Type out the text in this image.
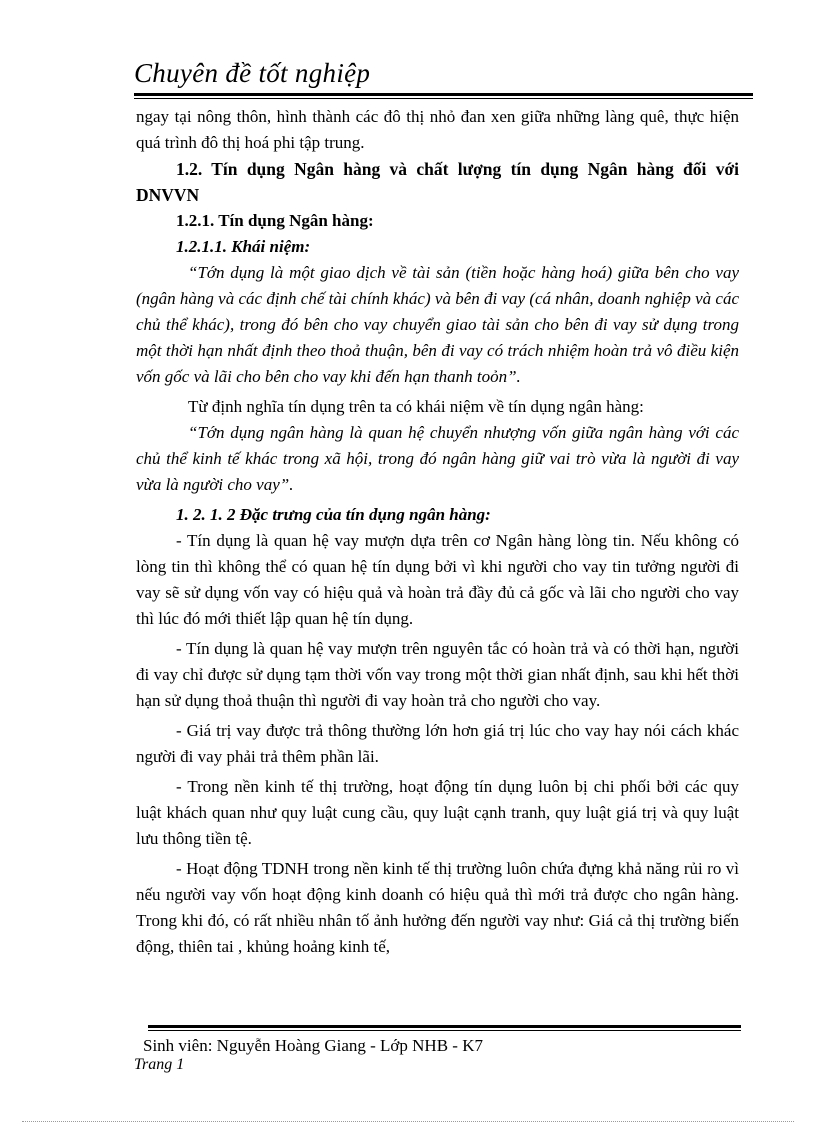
Chuyên đề tốt nghiệp

ngay tại nông thôn, hình thành các đô thị nhỏ đan xen giữa những làng quê, thực hiện quá trình đô thị hoá phi tập trung.

1.2. Tín dụng Ngân hàng và chất lượng tín dụng Ngân hàng đối với DNVVN

1.2.1. Tín dụng Ngân hàng:

1.2.1.1. Khái niệm:

“Tớn dụng là một giao dịch về tài sản (tiền hoặc hàng hoá) giữa bên cho vay (ngân hàng và các định chế tài chính khác) và bên đi vay (cá nhân, doanh nghiệp và các chủ thể khác), trong đó bên cho vay chuyển giao tài sản cho bên đi vay sử dụng trong một thời hạn nhất định theo thoả thuận, bên đi vay có trách nhiệm hoàn trả vô điều kiện vốn gốc và lãi cho bên cho vay khi đến hạn thanh toỏn”.

Từ định nghĩa tín dụng trên ta có khái niệm về tín dụng ngân hàng:

“Tớn dụng ngân hàng là quan hệ chuyển nhượng vốn giữa ngân hàng với các chủ thể kinh tế khác trong xã hội, trong đó ngân hàng giữ vai trò vừa là người đi vay vừa là người cho vay”.

1. 2. 1. 2 Đặc trưng của tín dụng ngân hàng:

- Tín dụng là quan hệ vay mượn dựa trên cơ Ngân hàng lòng tin. Nếu không có lòng tin thì không thể có quan hệ tín dụng bởi vì khi người cho vay tin tưởng người đi vay sẽ sử dụng vốn vay có hiệu quả và hoàn trả đầy đủ cả gốc và lãi cho người cho vay thì lúc đó mới thiết lập quan hệ tín dụng.

- Tín dụng là quan hệ vay mượn trên nguyên tắc có hoàn trả và có thời hạn, người đi vay chỉ được sử dụng tạm thời vốn vay trong một thời gian nhất định, sau khi hết thời hạn sử dụng thoả thuận thì người đi vay hoàn trả cho người cho vay.

- Giá trị vay được trả thông thường lớn hơn giá trị lúc cho vay hay nói cách khác người đi vay phải trả thêm phần lãi.

- Trong nền kinh tế thị trường, hoạt động tín dụng luôn bị chi phối bởi các quy luật khách quan như quy luật cung cầu, quy luật cạnh tranh, quy luật giá trị và quy luật lưu thông tiền tệ.

- Hoạt động TDNH trong nền kinh tế thị trường luôn chứa đựng khả năng rủi ro vì nếu người vay vốn hoạt động kinh doanh có hiệu quả thì mới trả được cho ngân hàng. Trong khi đó, có rất nhiều nhân tố ảnh hưởng đến người vay như: Giá cả thị trường biến động, thiên tai , khủng hoảng kinh tế,

Sinh viên: Nguyễn Hoàng Giang - Lớp NHB - K7
Trang 1
